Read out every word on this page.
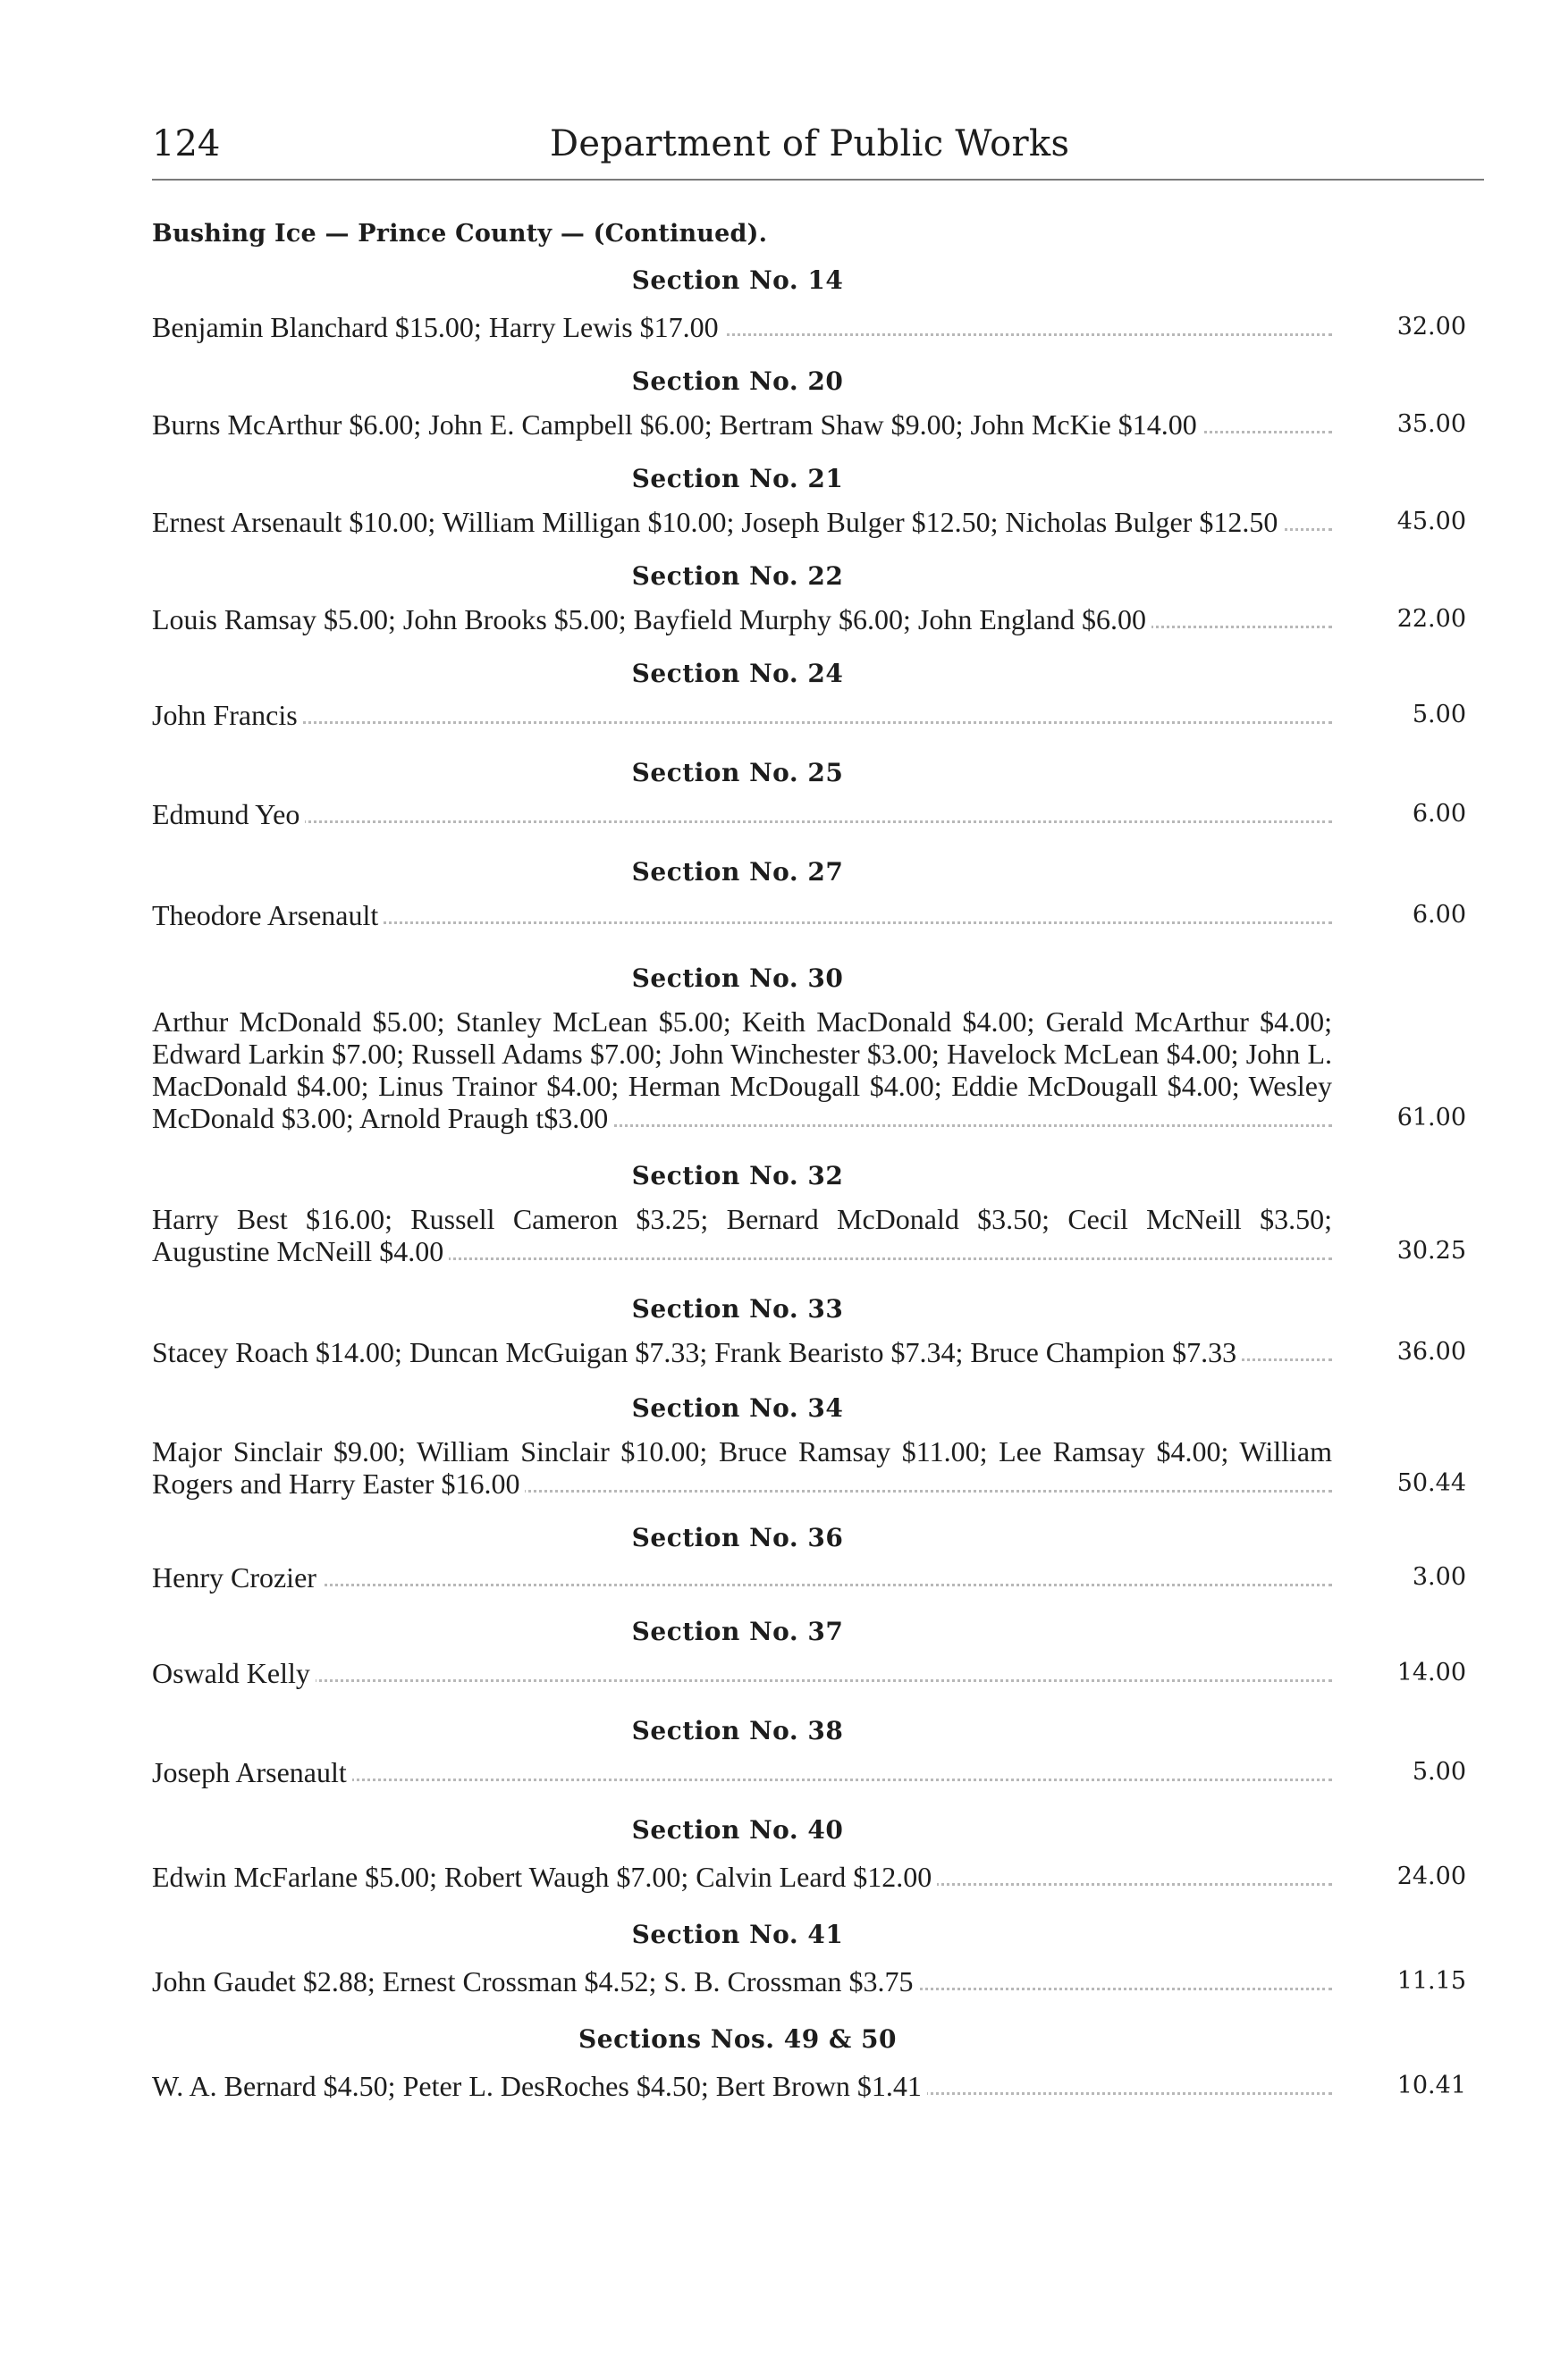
124	Department of Public Works
Bushing Ice — Prince County — (Continued).
Section No. 14
Benjamin Blanchard $15.00; Harry Lewis $17.00	32.00
Section No. 20
Burns McArthur $6.00; John E. Campbell $6.00; Bertram Shaw $9.00; John McKie $14.00	35.00
Section No. 21
Ernest Arsenault $10.00; William Milligan $10.00; Joseph Bulger $12.50; Nicholas Bulger $12.50	45.00
Section No. 22
Louis Ramsay $5.00; John Brooks $5.00; Bayfield Murphy $6.00; John England $6.00	22.00
Section No. 24
John Francis	5.00
Section No. 25
Edmund Yeo	6.00
Section No. 27
Theodore Arsenault	6.00
Section No. 30
Arthur McDonald $5.00; Stanley McLean $5.00; Keith MacDonald $4.00; Gerald McArthur $4.00; Edward Larkin $7.00; Russell Adams $7.00; John Winchester $3.00; Havelock McLean $4.00; John L. MacDonald $4.00; Linus Trainor $4.00; Herman McDougall $4.00; Eddie McDougall $4.00; Wesley McDonald $3.00; Arnold Praugh t$3.00	61.00
Section No. 32
Harry Best $16.00; Russell Cameron $3.25; Bernard McDonald $3.50; Cecil McNeill $3.50; Augustine McNeill $4.00	30.25
Section No. 33
Stacey Roach $14.00; Duncan McGuigan $7.33; Frank Bearisto $7.34; Bruce Champion $7.33	36.00
Section No. 34
Major Sinclair $9.00; William Sinclair $10.00; Bruce Ramsay $11.00; Lee Ramsay $4.00; William Rogers and Harry Easter $16.00	50.44
Section No. 36
Henry Crozier	3.00
Section No. 37
Oswald Kelly	14.00
Section No. 38
Joseph Arsenault	5.00
Section No. 40
Edwin McFarlane $5.00; Robert Waugh $7.00; Calvin Leard $12.00	24.00
Section No. 41
John Gaudet $2.88; Ernest Crossman $4.52; S. B. Crossman $3.75	11.15
Sections Nos. 49 & 50
W. A. Bernard $4.50; Peter L. DesRoches $4.50; Bert Brown $1.41	10.41
